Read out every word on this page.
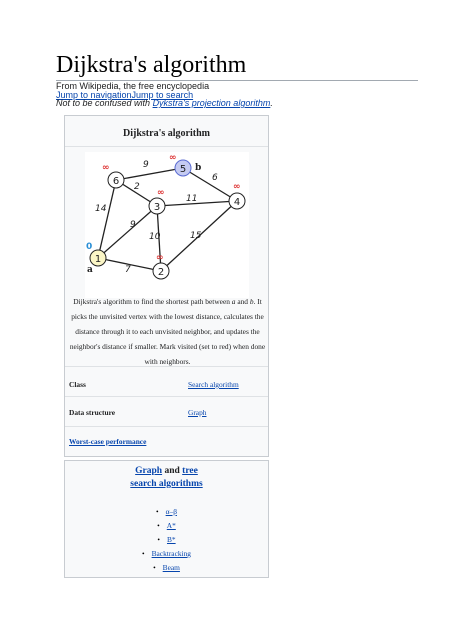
Dijkstra's algorithm
From Wikipedia, the free encyclopedia
Jump to navigationJump to search
Not to be confused with Dykstra's projection algorithm.
Dijkstra's algorithm
9
6
2
11
14
9
10	15
7
1
2
3	4
5
6
∞
∞
∞
∞
∞
0
a
b
Dijkstra's algorithm to find the shortest path between a and b. It picks the unvisited vertex with the lowest distance, calculates the distance through it to each unvisited neighbor, and updates the neighbor's distance if smaller. Mark visited (set to red) when done with neighbors.
Class	Search algorithm
Data structure	Graph
Worst-case performance
Graph and tree
search algorithms
• α–β
• A*
• B*
• Backtracking
• Beam
